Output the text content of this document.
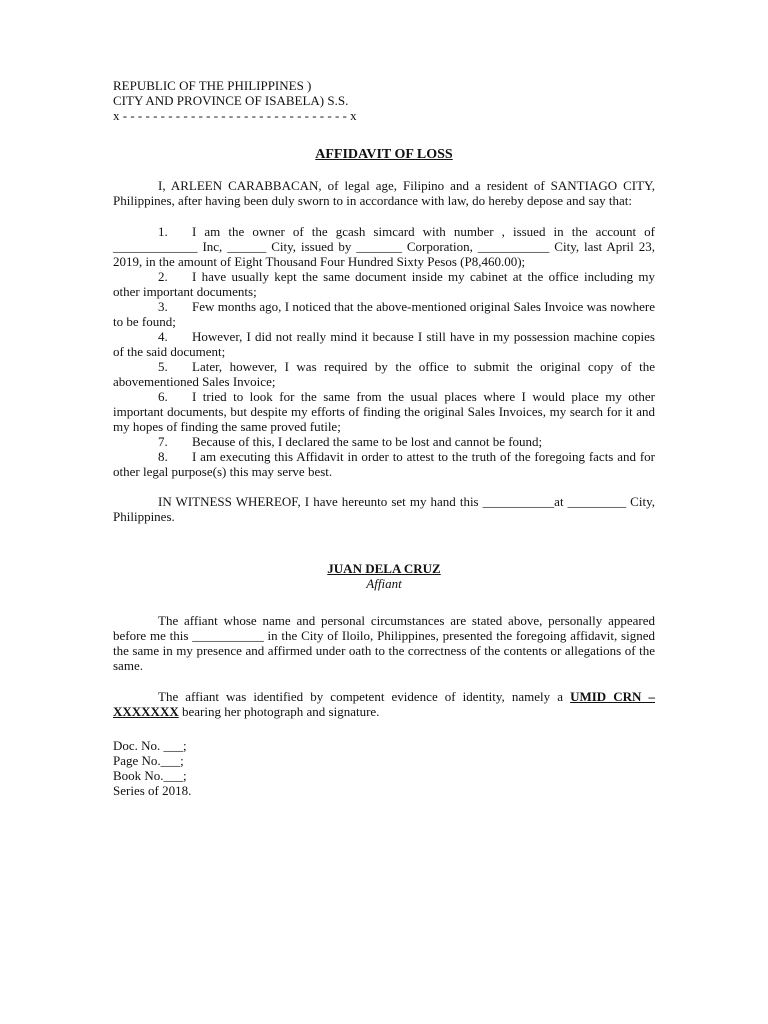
REPUBLIC OF THE PHILIPPINES )
CITY AND PROVINCE OF ISABELA) S.S.
x - - - - - - - - - - - - - - - - - - - - - - - - - - - - - - x
AFFIDAVIT OF LOSS

I, ARLEEN CARABBACAN, of legal age, Filipino and a resident of SANTIAGO CITY, Philippines, after having been duly sworn to in accordance with law, do hereby depose and say that:

1. I am the owner of the gcash simcard with number , issued in the account of _____________ Inc, ______ City, issued by _______ Corporation, ___________ City, last April 23, 2019, in the amount of Eight Thousand Four Hundred Sixty Pesos (P8,460.00);

2. I have usually kept the same document inside my cabinet at the office including my other important documents;

3. Few months ago, I noticed that the above-mentioned original Sales Invoice was nowhere to be found;

4. However, I did not really mind it because I still have in my possession machine copies of the said document;

5. Later, however, I was required by the office to submit the original copy of the abovementioned Sales Invoice;

6. I tried to look for the same from the usual places where I would place my other important documents, but despite my efforts of finding the original Sales Invoices, my search for it and my hopes of finding the same proved futile;

7. Because of this, I declared the same to be lost and cannot be found;

8. I am executing this Affidavit in order to attest to the truth of the foregoing facts and for other legal purpose(s) this may serve best.

IN WITNESS WHEREOF, I have hereunto set my hand this ___________at _________ City, Philippines.

JUAN DELA CRUZ
Affiant

The affiant whose name and personal circumstances are stated above, personally appeared before me this ___________ in the City of Iloilo, Philippines, presented the foregoing affidavit, signed the same in my presence and affirmed under oath to the correctness of the contents or allegations of the same.

The affiant was identified by competent evidence of identity, namely a UMID CRN – XXXXXXX bearing her photograph and signature.

Doc. No. ___;
Page No.___;
Book No.___;
Series of 2018.
